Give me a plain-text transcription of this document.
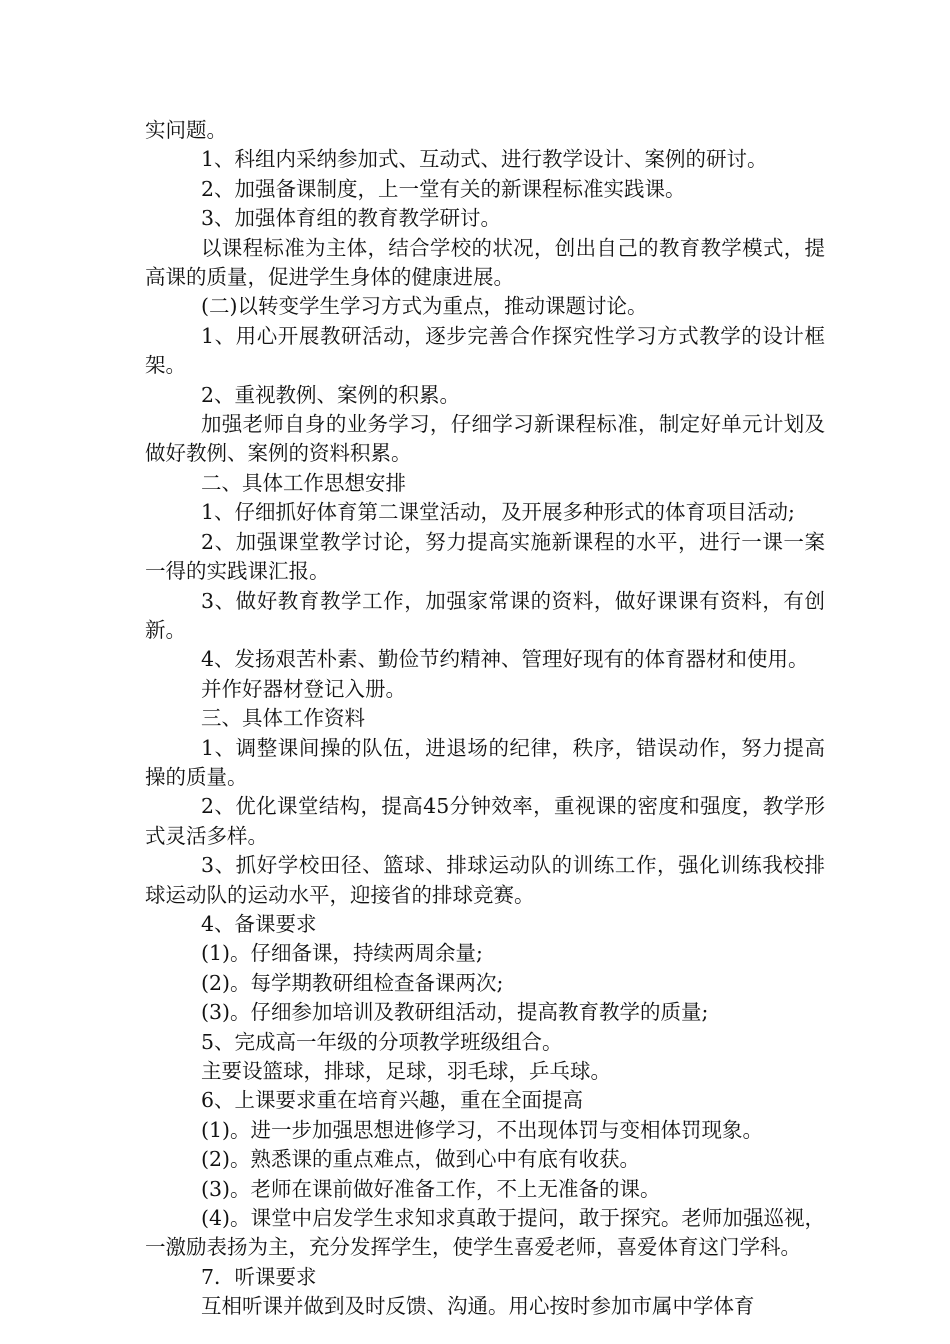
实问题。

1、科组内采纳参加式、互动式、进行教学设计、案例的研讨。

2、加强备课制度，上一堂有关的新课程标准实践课。

3、加强体育组的教育教学研讨。

以课程标准为主体，结合学校的状况，创出自己的教育教学模式，提高课的质量，促进学生身体的健康进展。

(二)以转变学生学习方式为重点，推动课题讨论。

1、用心开展教研活动，逐步完善合作探究性学习方式教学的设计框架。

2、重视教例、案例的积累。

加强老师自身的业务学习，仔细学习新课程标准，制定好单元计划及做好教例、案例的资料积累。

二、具体工作思想安排

1、仔细抓好体育第二课堂活动，及开展多种形式的体育项目活动;

2、加强课堂教学讨论，努力提高实施新课程的水平，进行一课一案一得的实践课汇报。

3、做好教育教学工作，加强家常课的资料，做好课课有资料，有创新。

4、发扬艰苦朴素、勤俭节约精神、管理好现有的体育器材和使用。

并作好器材登记入册。

三、具体工作资料

1、调整课间操的队伍，进退场的纪律，秩序，错误动作，努力提高操的质量。

2、优化课堂结构，提高45分钟效率，重视课的密度和强度，教学形式灵活多样。

3、抓好学校田径、篮球、排球运动队的训练工作，强化训练我校排球运动队的运动水平，迎接省的排球竞赛。

4、备课要求

(1)。仔细备课，持续两周余量;

(2)。每学期教研组检查备课两次;

(3)。仔细参加培训及教研组活动，提高教育教学的质量;

5、完成高一年级的分项教学班级组合。

主要设篮球，排球，足球，羽毛球，乒乓球。

6、上课要求重在培育兴趣，重在全面提高

(1)。进一步加强思想进修学习，不出现体罚与变相体罚现象。

(2)。熟悉课的重点难点，做到心中有底有收获。

(3)。老师在课前做好准备工作，不上无准备的课。

(4)。课堂中启发学生求知求真敢于提问，敢于探究。老师加强巡视，一激励表扬为主，充分发挥学生，使学生喜爱老师，喜爱体育这门学科。

7．听课要求

互相听课并做到及时反馈、沟通。用心按时参加市属中学体育
